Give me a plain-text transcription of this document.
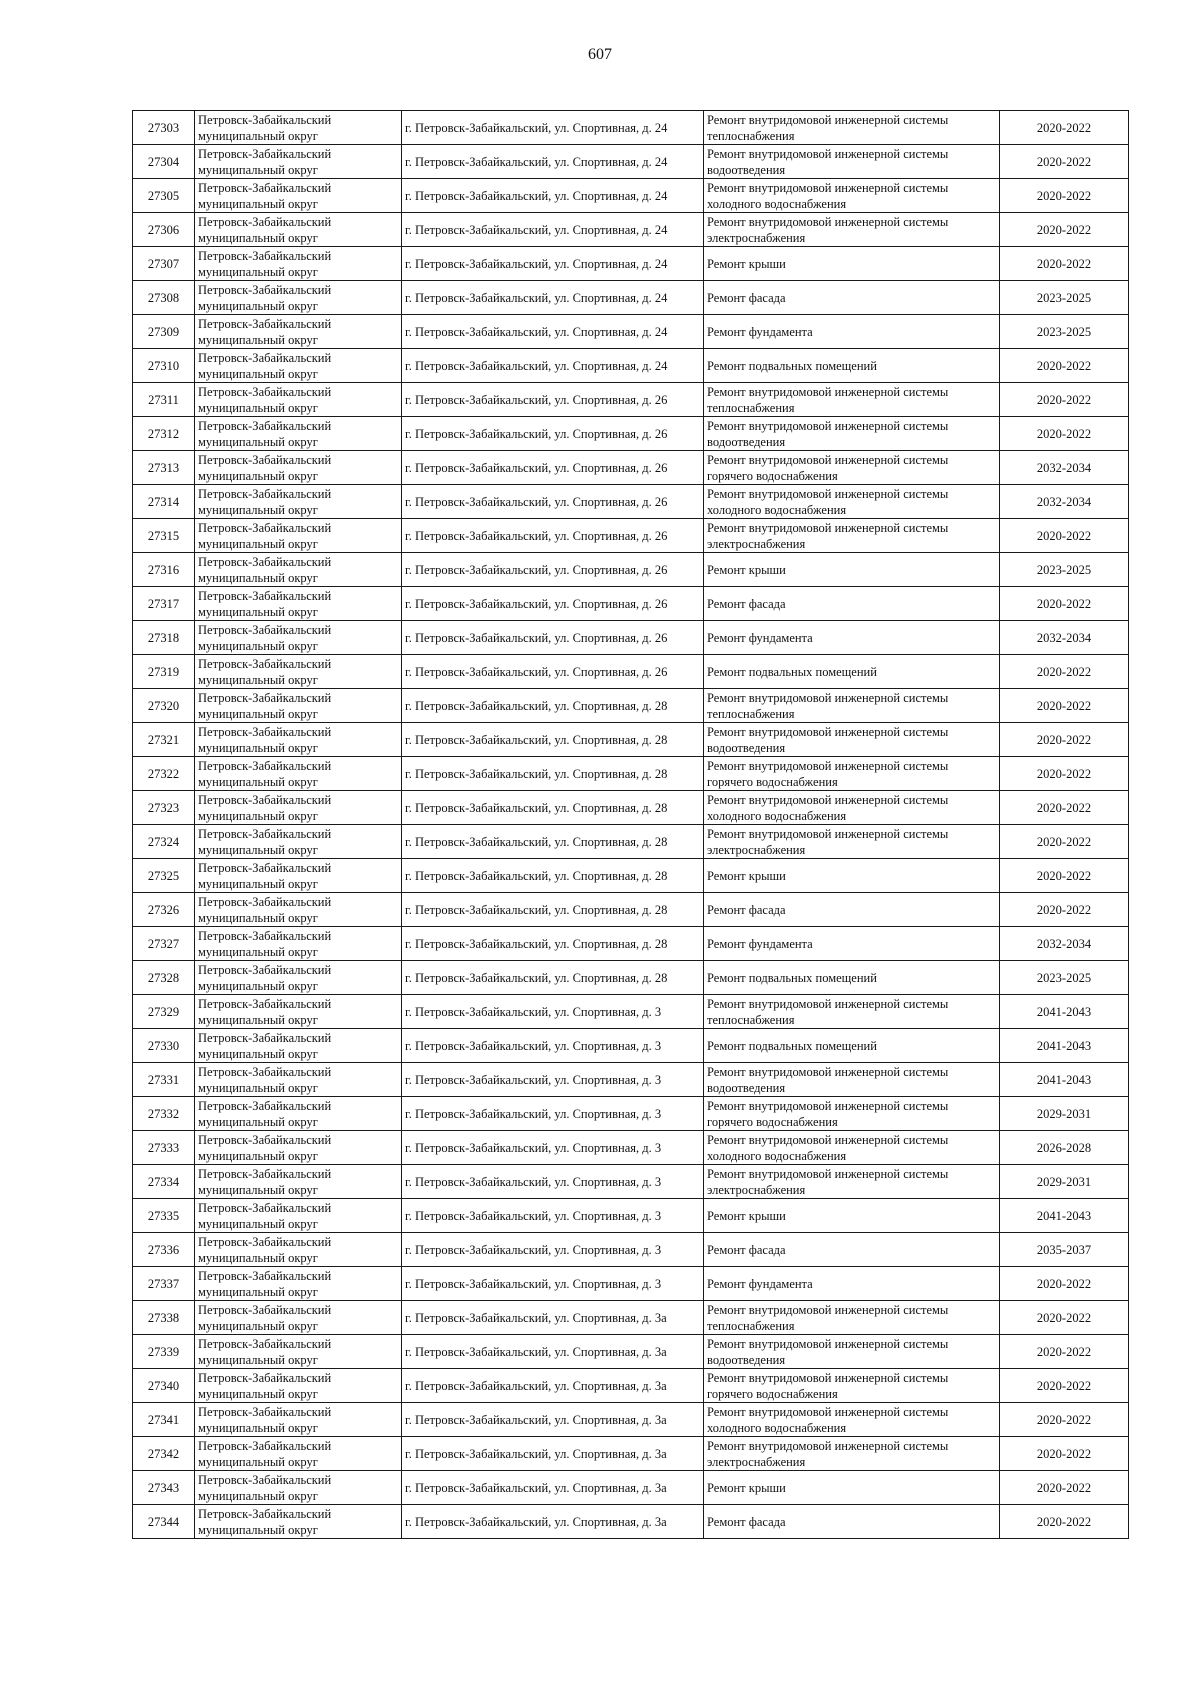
607
27303	Петровск-Забайкальский муниципальный округ	г. Петровск-Забайкальский, ул. Спортивная, д. 24	Ремонт внутридомовой инженерной системы теплоснабжения	2020-2022
27304	Петровск-Забайкальский муниципальный округ	г. Петровск-Забайкальский, ул. Спортивная, д. 24	Ремонт внутридомовой инженерной системы водоотведения	2020-2022
27305	Петровск-Забайкальский муниципальный округ	г. Петровск-Забайкальский, ул. Спортивная, д. 24	Ремонт внутридомовой инженерной системы холодного водоснабжения	2020-2022
27306	Петровск-Забайкальский муниципальный округ	г. Петровск-Забайкальский, ул. Спортивная, д. 24	Ремонт внутридомовой инженерной системы электроснабжения	2020-2022
27307	Петровск-Забайкальский муниципальный округ	г. Петровск-Забайкальский, ул. Спортивная, д. 24	Ремонт крыши	2020-2022
27308	Петровск-Забайкальский муниципальный округ	г. Петровск-Забайкальский, ул. Спортивная, д. 24	Ремонт фасада	2023-2025
27309	Петровск-Забайкальский муниципальный округ	г. Петровск-Забайкальский, ул. Спортивная, д. 24	Ремонт фундамента	2023-2025
27310	Петровск-Забайкальский муниципальный округ	г. Петровск-Забайкальский, ул. Спортивная, д. 24	Ремонт подвальных помещений	2020-2022
27311	Петровск-Забайкальский муниципальный округ	г. Петровск-Забайкальский, ул. Спортивная, д. 26	Ремонт внутридомовой инженерной системы теплоснабжения	2020-2022
27312	Петровск-Забайкальский муниципальный округ	г. Петровск-Забайкальский, ул. Спортивная, д. 26	Ремонт внутридомовой инженерной системы водоотведения	2020-2022
27313	Петровск-Забайкальский муниципальный округ	г. Петровск-Забайкальский, ул. Спортивная, д. 26	Ремонт внутридомовой инженерной системы горячего водоснабжения	2032-2034
27314	Петровск-Забайкальский муниципальный округ	г. Петровск-Забайкальский, ул. Спортивная, д. 26	Ремонт внутридомовой инженерной системы холодного водоснабжения	2032-2034
27315	Петровск-Забайкальский муниципальный округ	г. Петровск-Забайкальский, ул. Спортивная, д. 26	Ремонт внутридомовой инженерной системы электроснабжения	2020-2022
27316	Петровск-Забайкальский муниципальный округ	г. Петровск-Забайкальский, ул. Спортивная, д. 26	Ремонт крыши	2023-2025
27317	Петровск-Забайкальский муниципальный округ	г. Петровск-Забайкальский, ул. Спортивная, д. 26	Ремонт фасада	2020-2022
27318	Петровск-Забайкальский муниципальный округ	г. Петровск-Забайкальский, ул. Спортивная, д. 26	Ремонт фундамента	2032-2034
27319	Петровск-Забайкальский муниципальный округ	г. Петровск-Забайкальский, ул. Спортивная, д. 26	Ремонт подвальных помещений	2020-2022
27320	Петровск-Забайкальский муниципальный округ	г. Петровск-Забайкальский, ул. Спортивная, д. 28	Ремонт внутридомовой инженерной системы теплоснабжения	2020-2022
27321	Петровск-Забайкальский муниципальный округ	г. Петровск-Забайкальский, ул. Спортивная, д. 28	Ремонт внутридомовой инженерной системы водоотведения	2020-2022
27322	Петровск-Забайкальский муниципальный округ	г. Петровск-Забайкальский, ул. Спортивная, д. 28	Ремонт внутридомовой инженерной системы горячего водоснабжения	2020-2022
27323	Петровск-Забайкальский муниципальный округ	г. Петровск-Забайкальский, ул. Спортивная, д. 28	Ремонт внутридомовой инженерной системы холодного водоснабжения	2020-2022
27324	Петровск-Забайкальский муниципальный округ	г. Петровск-Забайкальский, ул. Спортивная, д. 28	Ремонт внутридомовой инженерной системы электроснабжения	2020-2022
27325	Петровск-Забайкальский муниципальный округ	г. Петровск-Забайкальский, ул. Спортивная, д. 28	Ремонт крыши	2020-2022
27326	Петровск-Забайкальский муниципальный округ	г. Петровск-Забайкальский, ул. Спортивная, д. 28	Ремонт фасада	2020-2022
27327	Петровск-Забайкальский муниципальный округ	г. Петровск-Забайкальский, ул. Спортивная, д. 28	Ремонт фундамента	2032-2034
27328	Петровск-Забайкальский муниципальный округ	г. Петровск-Забайкальский, ул. Спортивная, д. 28	Ремонт подвальных помещений	2023-2025
27329	Петровск-Забайкальский муниципальный округ	г. Петровск-Забайкальский, ул. Спортивная, д. 3	Ремонт внутридомовой инженерной системы теплоснабжения	2041-2043
27330	Петровск-Забайкальский муниципальный округ	г. Петровск-Забайкальский, ул. Спортивная, д. 3	Ремонт подвальных помещений	2041-2043
27331	Петровск-Забайкальский муниципальный округ	г. Петровск-Забайкальский, ул. Спортивная, д. 3	Ремонт внутридомовой инженерной системы водоотведения	2041-2043
27332	Петровск-Забайкальский муниципальный округ	г. Петровск-Забайкальский, ул. Спортивная, д. 3	Ремонт внутридомовой инженерной системы горячего водоснабжения	2029-2031
27333	Петровск-Забайкальский муниципальный округ	г. Петровск-Забайкальский, ул. Спортивная, д. 3	Ремонт внутридомовой инженерной системы холодного водоснабжения	2026-2028
27334	Петровск-Забайкальский муниципальный округ	г. Петровск-Забайкальский, ул. Спортивная, д. 3	Ремонт внутридомовой инженерной системы электроснабжения	2029-2031
27335	Петровск-Забайкальский муниципальный округ	г. Петровск-Забайкальский, ул. Спортивная, д. 3	Ремонт крыши	2041-2043
27336	Петровск-Забайкальский муниципальный округ	г. Петровск-Забайкальский, ул. Спортивная, д. 3	Ремонт фасада	2035-2037
27337	Петровск-Забайкальский муниципальный округ	г. Петровск-Забайкальский, ул. Спортивная, д. 3	Ремонт фундамента	2020-2022
27338	Петровск-Забайкальский муниципальный округ	г. Петровск-Забайкальский, ул. Спортивная, д. 3а	Ремонт внутридомовой инженерной системы теплоснабжения	2020-2022
27339	Петровск-Забайкальский муниципальный округ	г. Петровск-Забайкальский, ул. Спортивная, д. 3а	Ремонт внутридомовой инженерной системы водоотведения	2020-2022
27340	Петровск-Забайкальский муниципальный округ	г. Петровск-Забайкальский, ул. Спортивная, д. 3а	Ремонт внутридомовой инженерной системы горячего водоснабжения	2020-2022
27341	Петровск-Забайкальский муниципальный округ	г. Петровск-Забайкальский, ул. Спортивная, д. 3а	Ремонт внутридомовой инженерной системы холодного водоснабжения	2020-2022
27342	Петровск-Забайкальский муниципальный округ	г. Петровск-Забайкальский, ул. Спортивная, д. 3а	Ремонт внутридомовой инженерной системы электроснабжения	2020-2022
27343	Петровск-Забайкальский муниципальный округ	г. Петровск-Забайкальский, ул. Спортивная, д. 3а	Ремонт крыши	2020-2022
27344	Петровск-Забайкальский муниципальный округ	г. Петровск-Забайкальский, ул. Спортивная, д. 3а	Ремонт фасада	2020-2022
